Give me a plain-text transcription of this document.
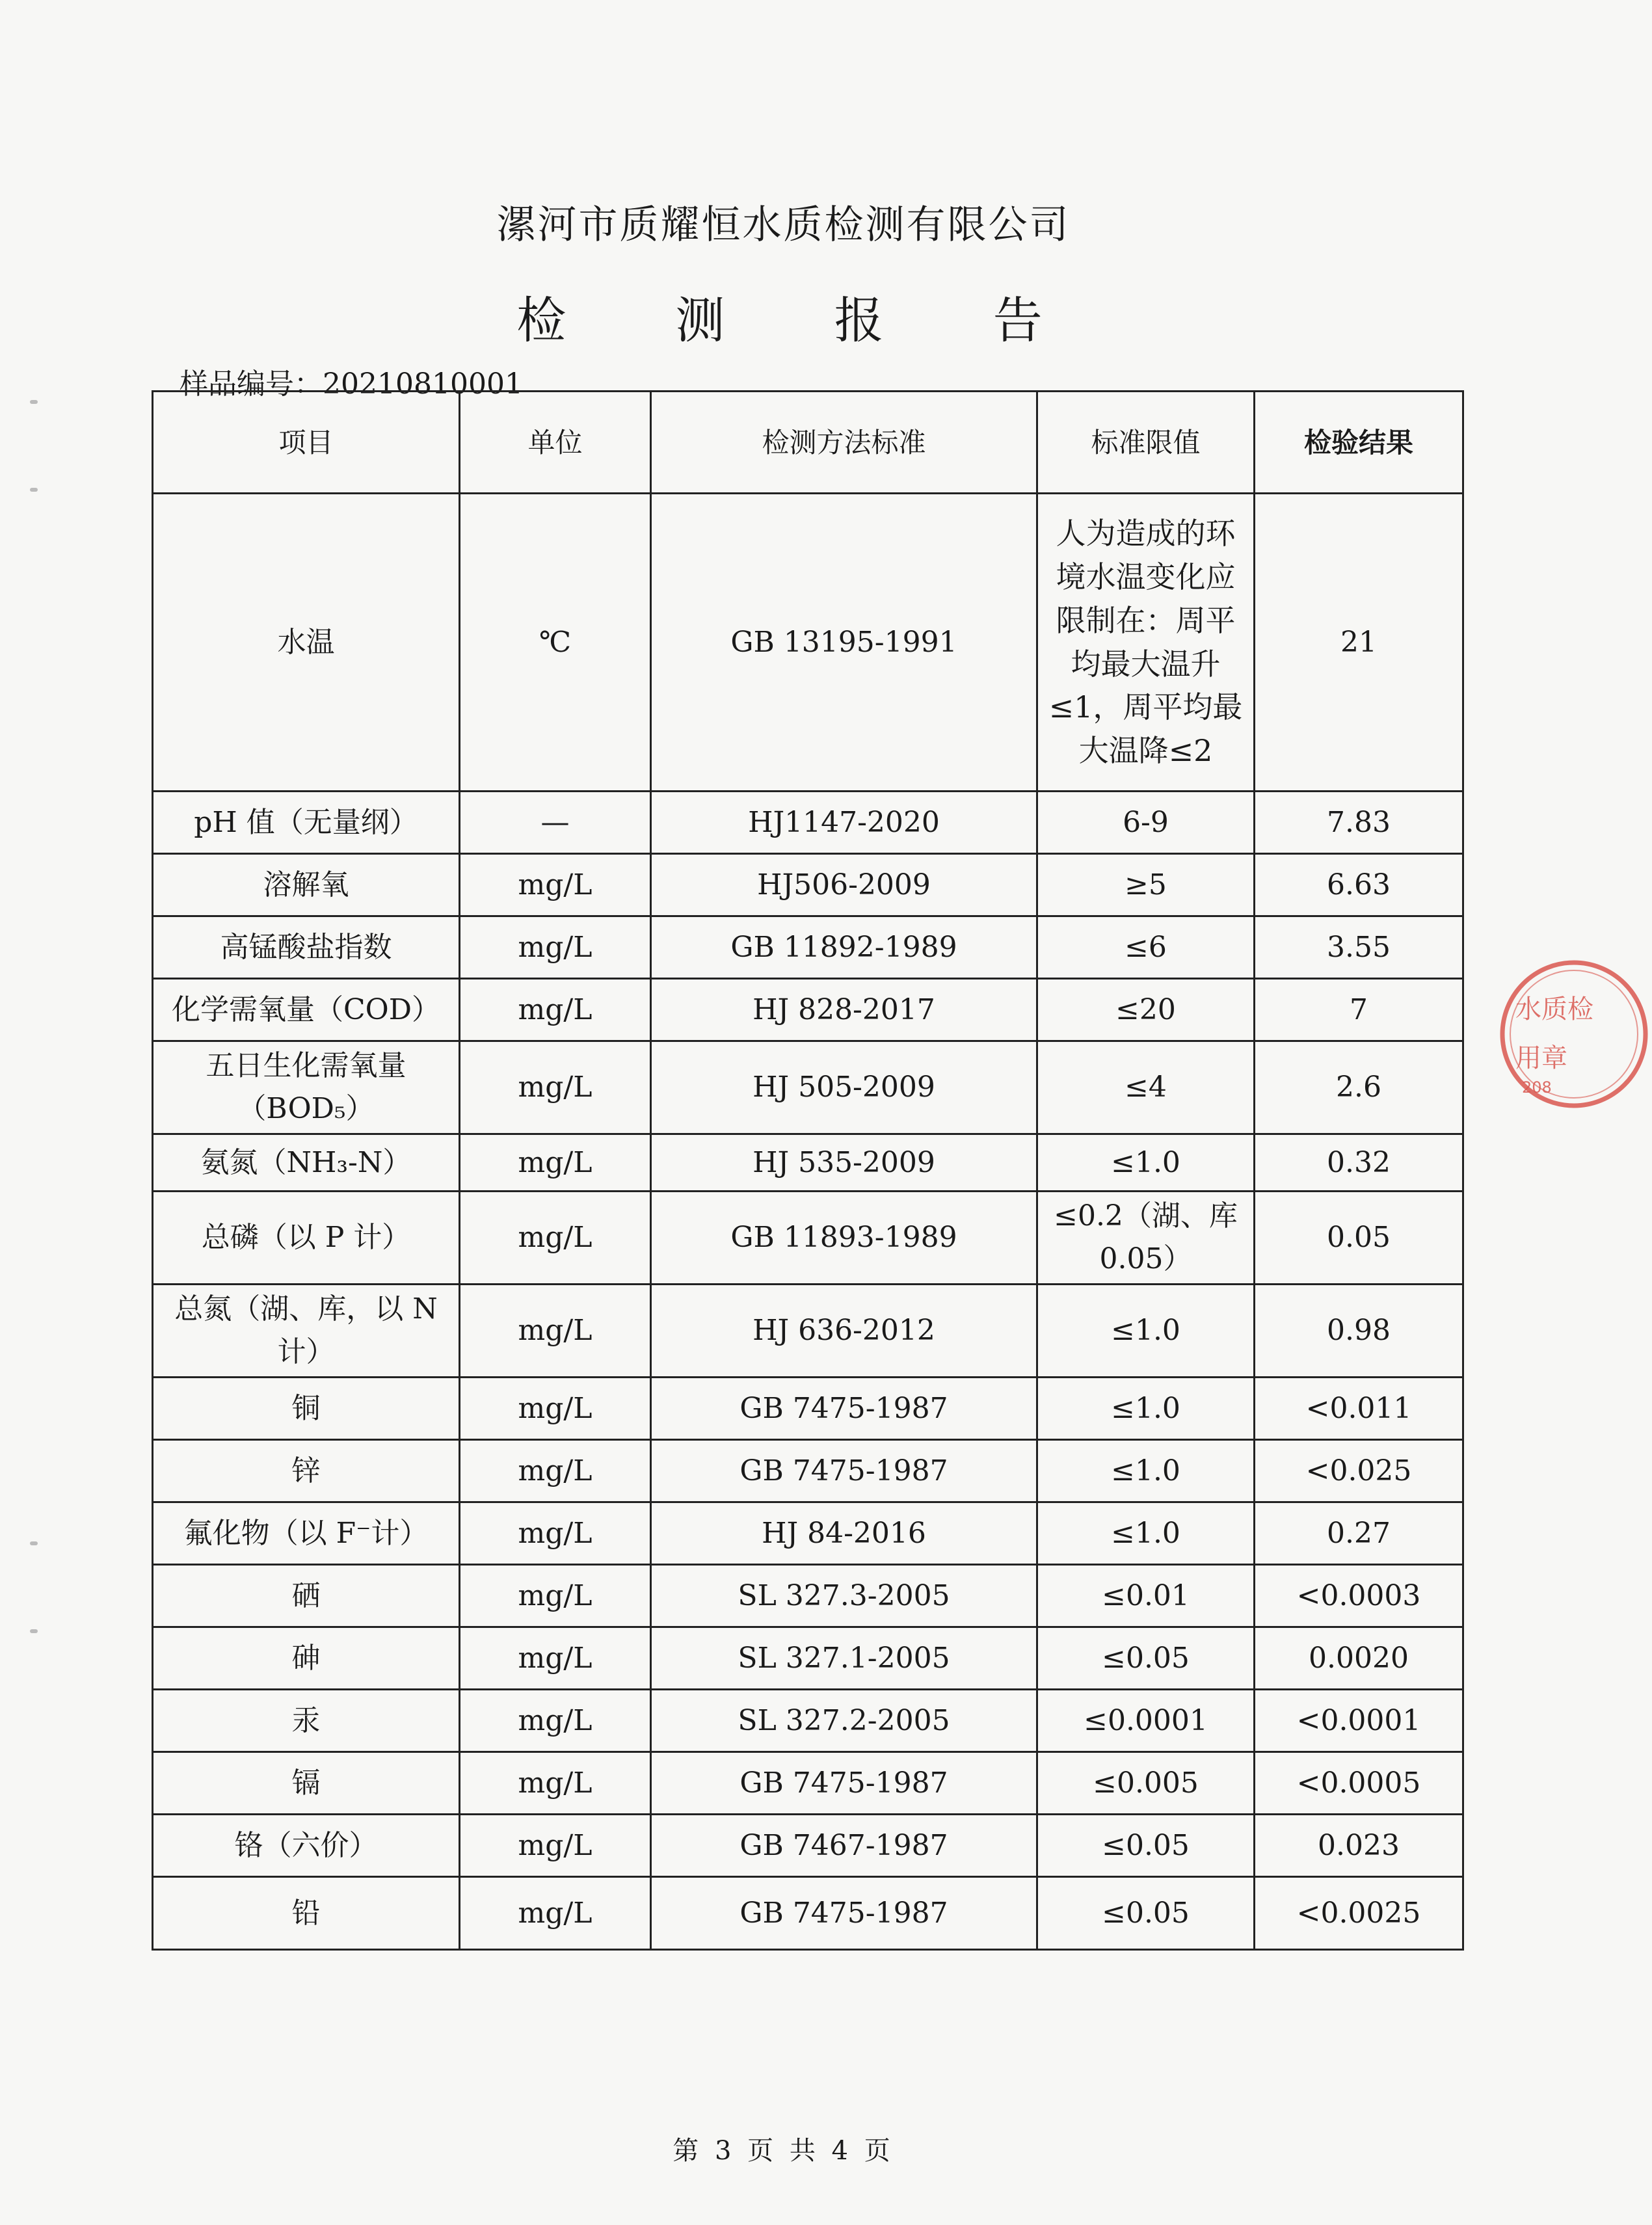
漯河市质耀恒水质检测有限公司
检 测 报 告
样品编号：20210810001
项目	单位	检测方法标准	标准限值	检验结果
水温	℃	GB 13195-1991	人为造成的环境水温变化应限制在：周平均最大温升≤1，周平均最大温降≤2	21
pH 值（无量纲）	—	HJ1147-2020	6-9	7.83
溶解氧	mg/L	HJ506-2009	≥5	6.63
高锰酸盐指数	mg/L	GB 11892-1989	≤6	3.55
化学需氧量（COD）	mg/L	HJ 828-2017	≤20	7
五日生化需氧量（BOD₅）	mg/L	HJ 505-2009	≤4	2.6
氨氮（NH₃-N）	mg/L	HJ 535-2009	≤1.0	0.32
总磷（以 P 计）	mg/L	GB 11893-1989	≤0.2（湖、库 0.05）	0.05
总氮（湖、库，以 N 计）	mg/L	HJ 636-2012	≤1.0	0.98
铜	mg/L	GB 7475-1987	≤1.0	<0.011
锌	mg/L	GB 7475-1987	≤1.0	<0.025
氟化物（以 F⁻计）	mg/L	HJ 84-2016	≤1.0	0.27
硒	mg/L	SL 327.3-2005	≤0.01	<0.0003
砷	mg/L	SL 327.1-2005	≤0.05	0.0020
汞	mg/L	SL 327.2-2005	≤0.0001	<0.0001
镉	mg/L	GB 7475-1987	≤0.005	<0.0005
铬（六价）	mg/L	GB 7467-1987	≤0.05	0.023
铅	mg/L	GB 7475-1987	≤0.05	<0.0025
水质检
用章
208
第 3 页 共 4 页
